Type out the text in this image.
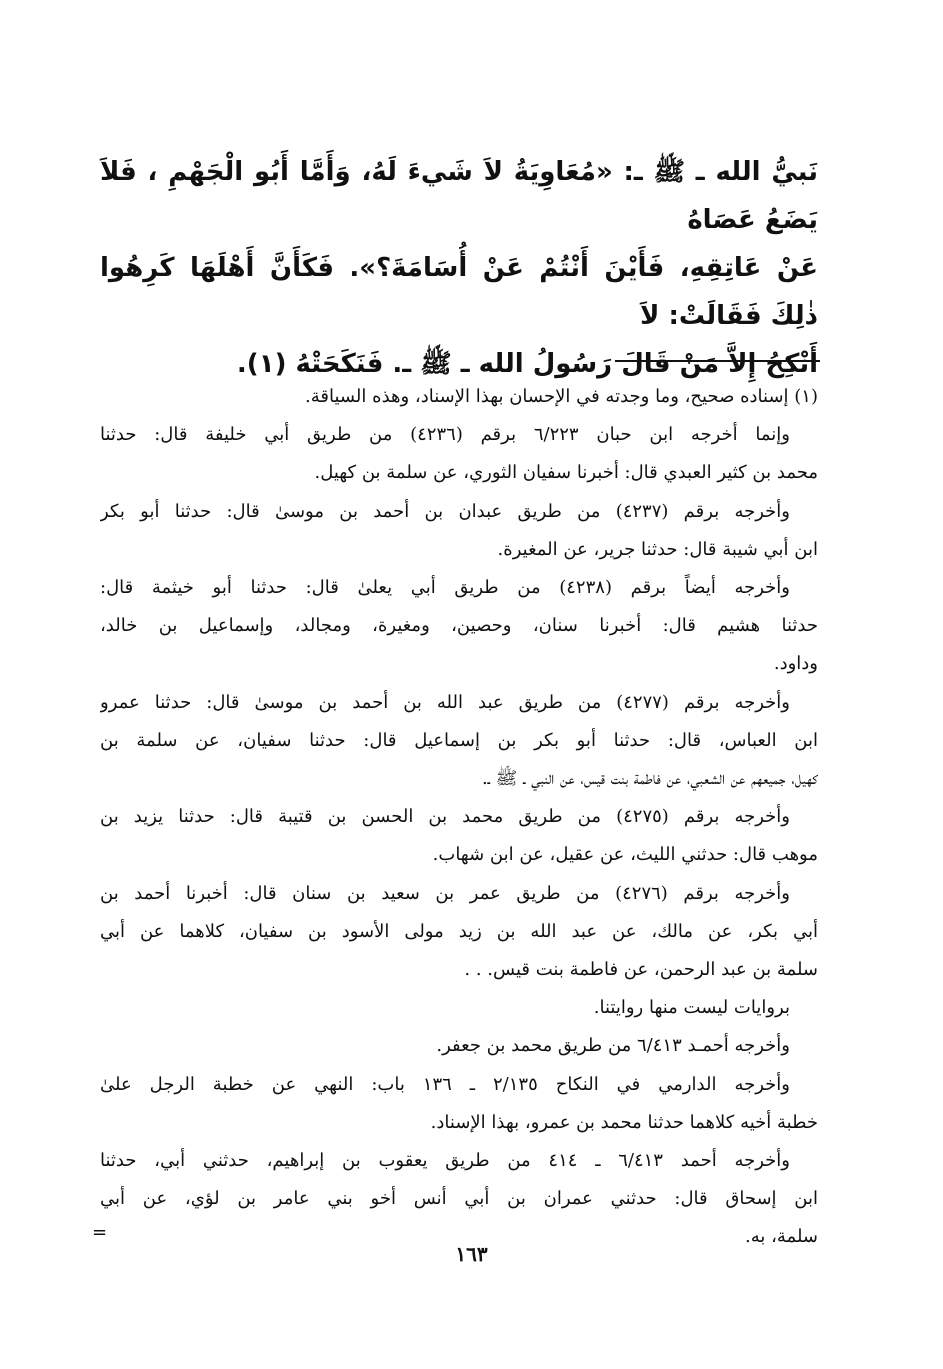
نَبيُّ الله ـ ﷺ ـ: «مُعَاوِيَةُ لاَ شَيءَ لَهُ، وَأَمَّا أَبُو الْجَهْمِ ، فَلاَ يَضَعُ عَصَاهُ

عَنْ عَاتِقِهِ، فَأَيْنَ أَنْتُمْ عَنْ أُسَامَةَ؟». فَكَأَنَّ أَهْلَهَا كَرِهُوا ذٰلِكَ فَقَالَتْ: لاَ

أَنْكِحُ إِلاَّ مَنْ قَالَ رَسُولُ الله ـ ﷺ ـ. فَنَكَحَتْهُ (١).

(١) إسناده صحيح، وما وجدته في الإحسان بهذا الإسناد، وهذه السياقة.

وإنما أخرجه ابن حبان ٦/٢٢٣ برقم (٤٢٣٦) من طريق أبي خليفة قال: حدثنا

محمد بن كثير العبدي قال: أخبرنا سفيان الثوري، عن سلمة بن كهيل.

وأخرجه برقم (٤٢٣٧) من طريق عبدان بن أحمد بن موسىٰ قال: حدثنا أبو بكر

ابن أبي شيبة قال: حدثنا جرير، عن المغيرة.

وأخرجه أيضاً برقم (٤٢٣٨) من طريق أبي يعلىٰ قال: حدثنا أبو خيثمة قال:

حدثنا هشيم قال: أخبرنا سنان، وحصين، ومغيرة، ومجالد، وإسماعيل بن خالد،

وداود.

وأخرجه برقم (٤٢٧٧) من طريق عبد الله بن أحمد بن موسىٰ قال: حدثنا عمرو

ابن العباس، قال: حدثنا أبو بكر بن إسماعيل قال: حدثنا سفيان، عن سلمة بن

كهيل، جميعهم عن الشعبي، عن فاطمة بنت قيس، عن النبي ـ ﷺ ـ.

وأخرجه برقم (٤٢٧٥) من طريق محمد بن الحسن بن قتيبة قال: حدثنا يزيد بن

موهب قال: حدثني الليث، عن عقيل، عن ابن شهاب.

وأخرجه برقم (٤٢٧٦) من طريق عمر بن سعيد بن سنان قال: أخبرنا أحمد بن

أبي بكر، عن مالك، عن عبد الله بن زيد مولى الأسود بن سفيان، كلاهما عن أبي

سلمة بن عبد الرحمن، عن فاطمة بنت قيس. . .

بروايات ليست منها روايتنا.

وأخرجه أحمـد ٦/٤١٣ من طريق محمد بن جعفر.

وأخرجه الدارمي في النكاح ٢/١٣٥ ـ ١٣٦ باب: النهي عن خطبة الرجل علىٰ

خطبة أخيه كلاهما حدثنا محمد بن عمرو، بهذا الإسناد.

وأخرجه أحمد ٦/٤١٣ ـ ٤١٤ من طريق يعقوب بن إبراهيم، حدثني أبي، حدثنا

ابن إسحاق قال: حدثني عمران بن أبي أنس أخو بني عامر بن لؤي، عن أبي

سلمة، به.

=
١٦٣
